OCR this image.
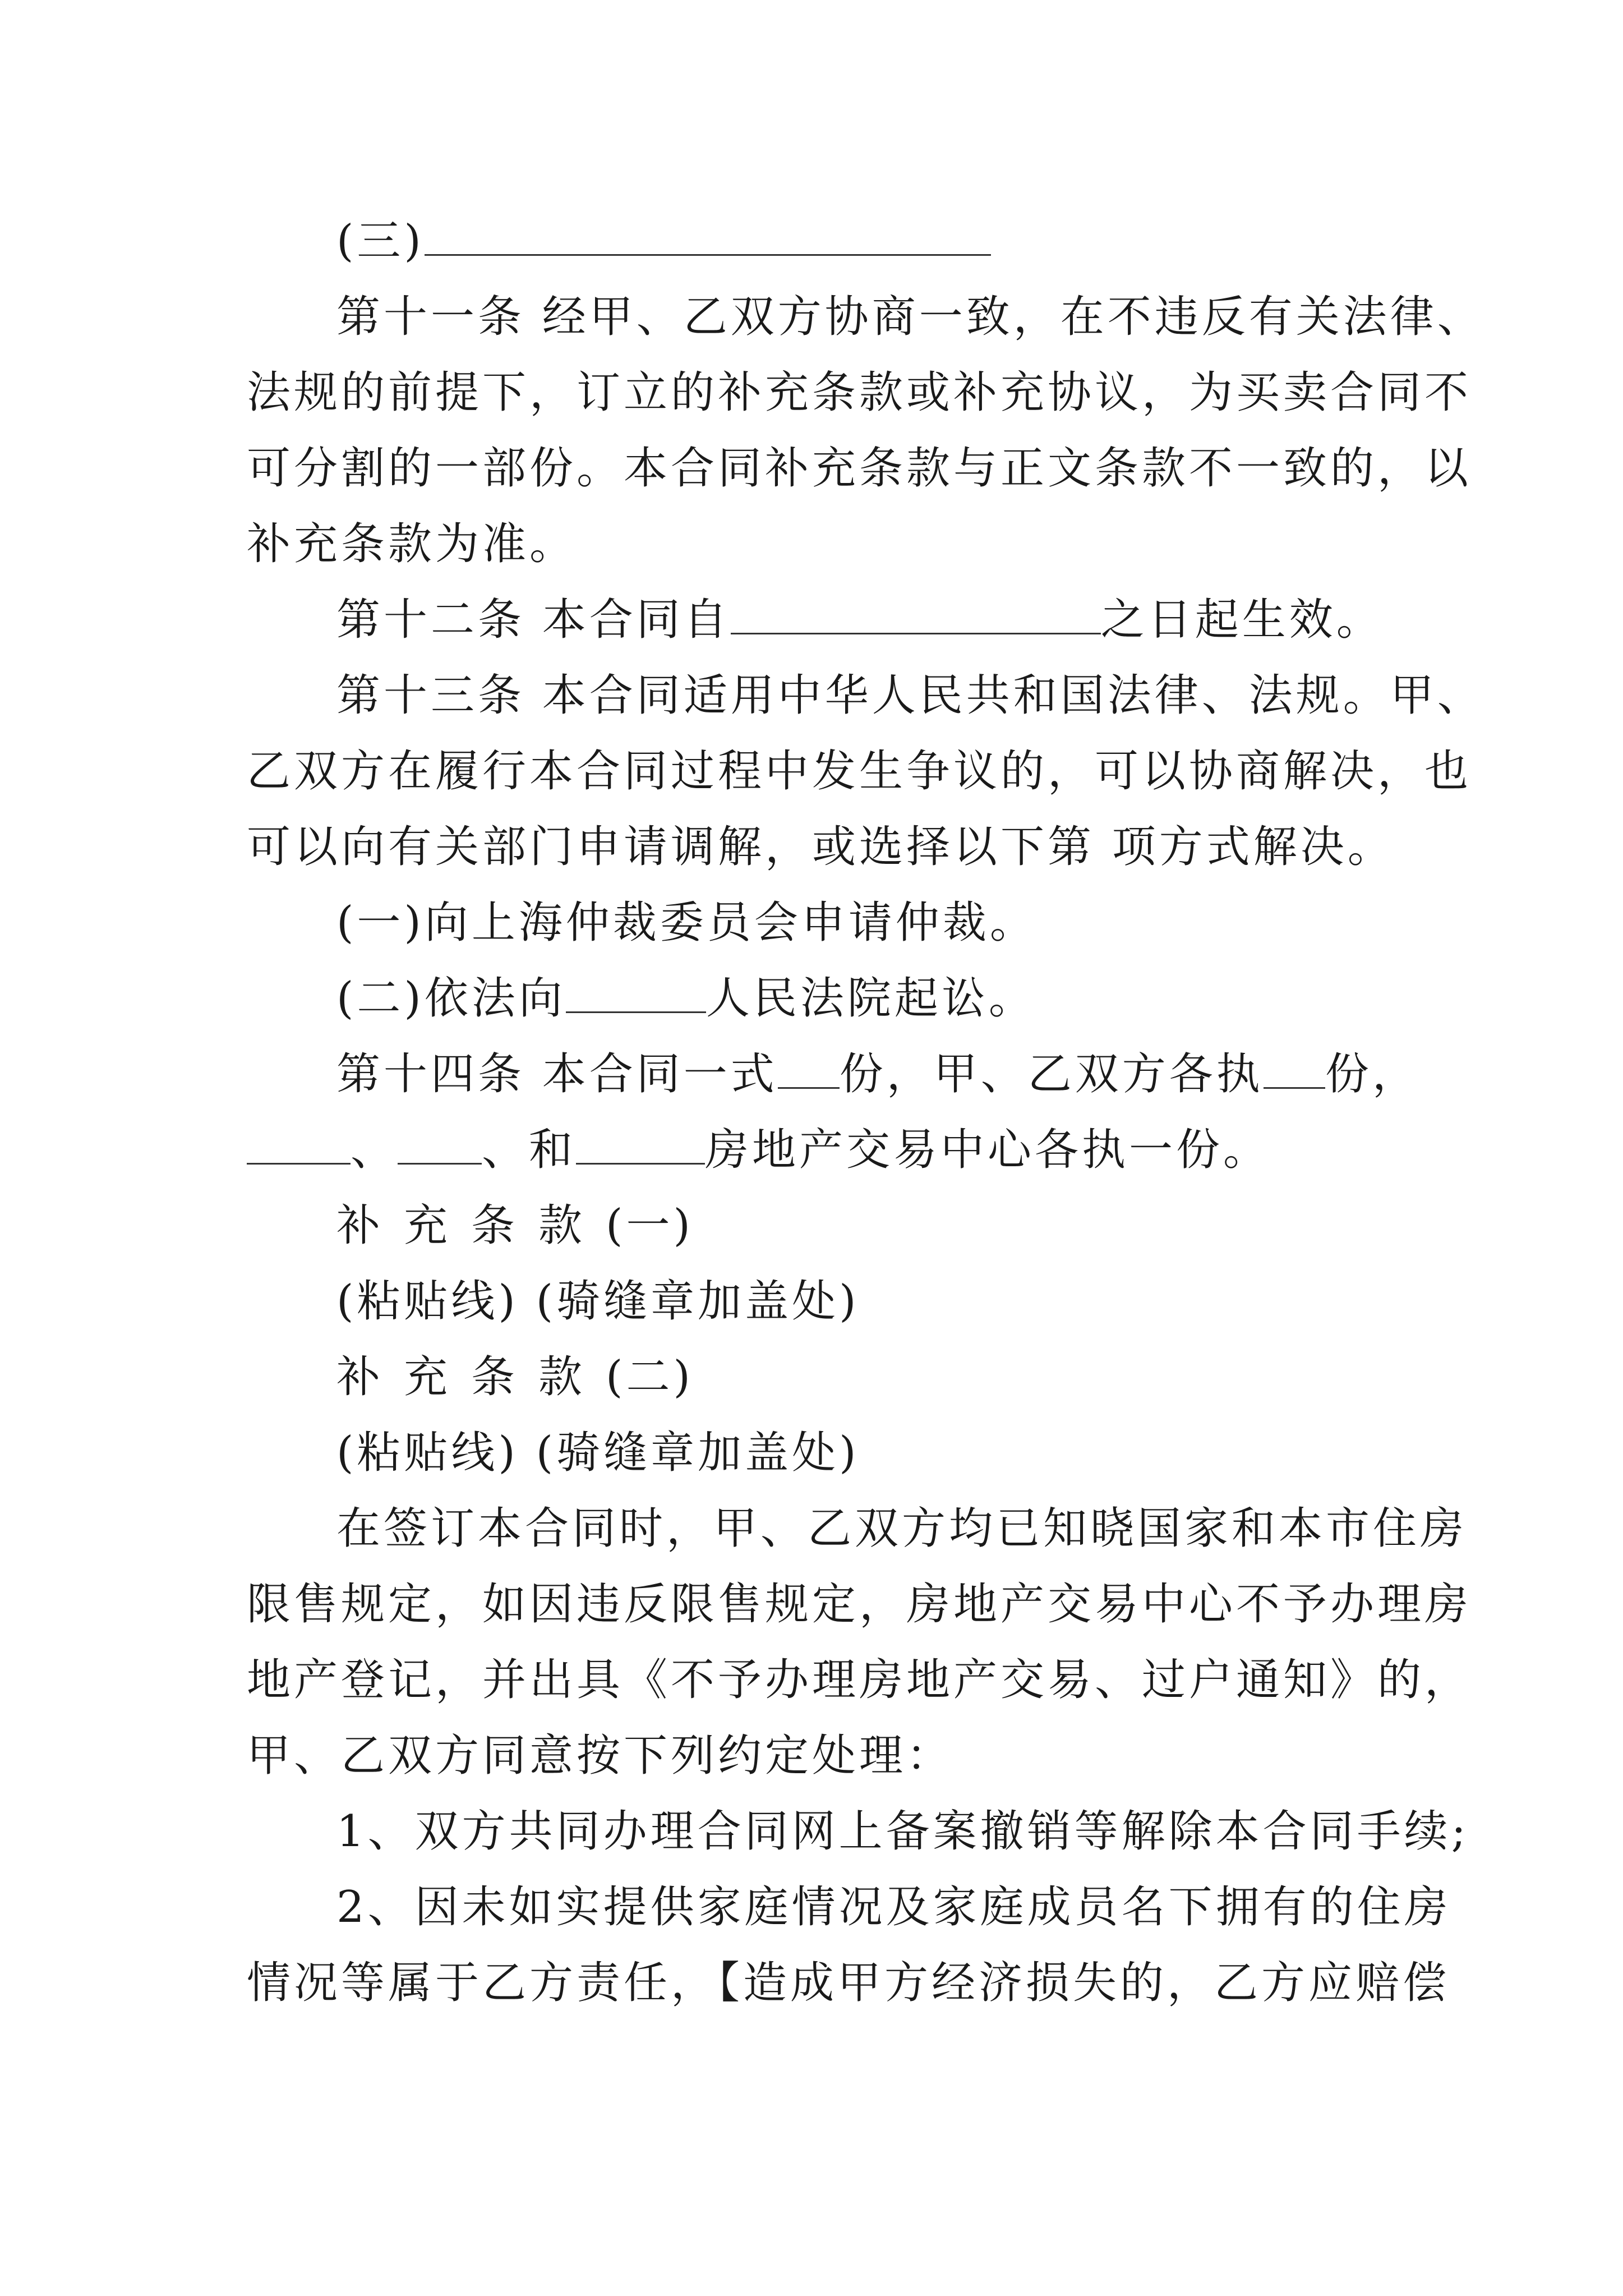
(三)
第十一条 经甲、乙双方协商一致，在不违反有关法律、
法规的前提下，订立的补充条款或补充协议，为买卖合同不
可分割的一部份。本合同补充条款与正文条款不一致的，以
补充条款为准。
第十二条 本合同自	之日起生效。
第十三条 本合同适用中华人民共和国法律、法规。甲、
乙双方在履行本合同过程中发生争议的，可以协商解决，也
可以向有关部门申请调解，或选择以下第 项方式解决。
(一)向上海仲裁委员会申请仲裁。
(二)依法向	人民法院起讼。
第十四条 本合同一式 份，甲、乙双方各执 份，
、 、和	房地产交易中心各执一份。
补充条款(一)
(粘贴线) (骑缝章加盖处)
补充条款(二)
(粘贴线) (骑缝章加盖处)
在签订本合同时，甲、乙双方均已知晓国家和本市住房
限售规定，如因违反限售规定，房地产交易中心不予办理房
地产登记，并出具《不予办理房地产交易、过户通知》的，
甲、乙双方同意按下列约定处理：
1、双方共同办理合同网上备案撤销等解除本合同手续;
2、因未如实提供家庭情况及家庭成员名下拥有的住房
情况等属于乙方责任，【造成甲方经济损失的，乙方应赔偿
